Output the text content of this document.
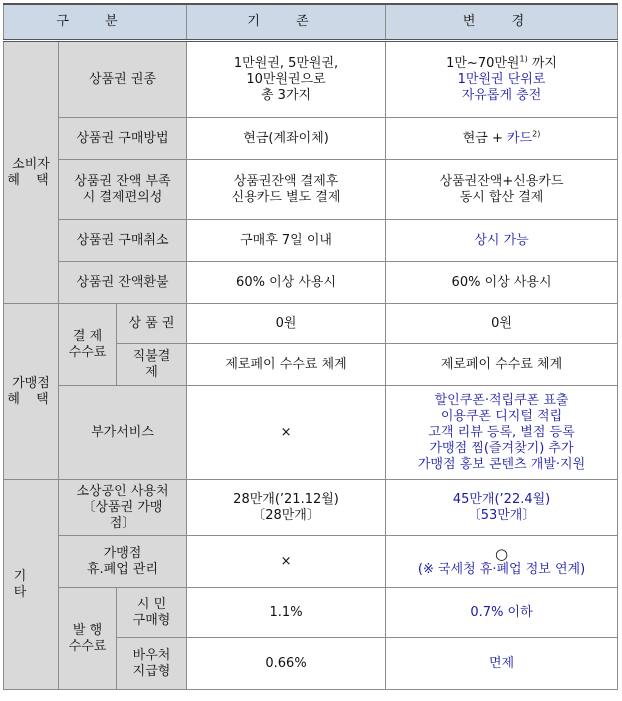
구 분			기 존	변 경

소비자
혜 택	상품권 권종		1만원권, 5만원권,
10만원권으로
총 3가지	1만~70만원$^{1)}$ 까지
1만원권 단위로
자유롭게 충전

	상품권 구매방법		현금(계좌이체)	현금 + 카드$^{2)}$

	상품권 잔액 부족
시 결제편의성		상품권잔액 결제후
신용카드 별도 결제	상품권잔액+신용카드
동시 합산 결제

	상품권 구매취소		구매후 7일 이내	상시 가능
	상품권 잔액환불		60% 이상 사용시	60% 이상 사용시

가맹점
혜 택	결 제
수수료	상 품 권	0원	0원

		직불결
제	제로페이 수수료 체계	제로페이 수수료 체계
	부가서비스		×	할인쿠폰·적립쿠폰 표출
이용쿠폰 디지털 적립
고객 리뷰 등록, 별점 등록
가맹점 찜(즐겨찾기) 추가
가맹점 홍보 콘텐츠 개발·지원

기 타	소상공인 사용처
〔상품권 가맹
점〕		28만개(’21.12월)
〔28만개〕	45만개(’22.4월)
〔53만개〕

	가맹점
휴.폐업 관리		×	○
(※ 국세청 휴·폐업 정보 연계)

	발 행
수수료	시 민
구매형	1.1%	0.7% 이하

		바우처
지급형	0.66%	면제
